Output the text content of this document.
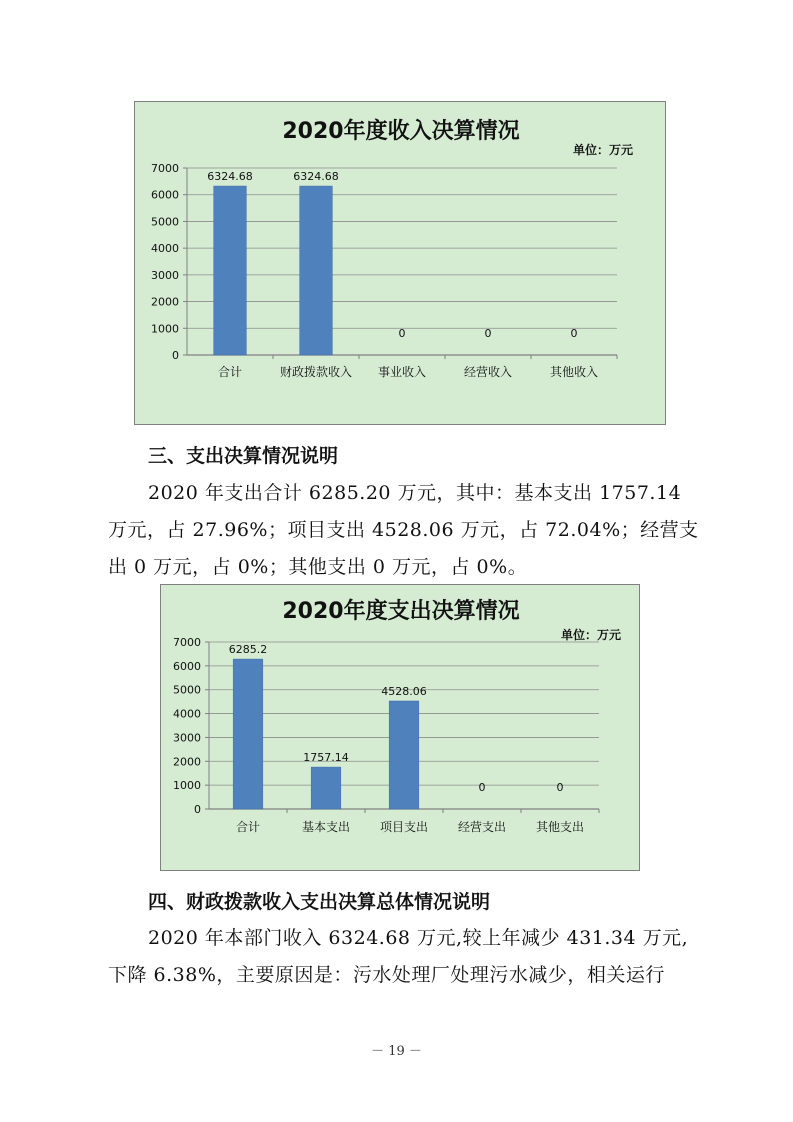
2020年度收入决算情况
单位：万元
0
1000
2000
3000
4000
5000
6000
7000
6324.68
合计
6324.68
财政拨款收入
0
事业收入
0
经营收入
0
其他收入
三、支出决算情况说明
2020 年支出合计 6285.20 万元，其中：基本支出 1757.14
万元，占 27.96%；项目支出 4528.06 万元，占 72.04%；经营支
出 0 万元，占 0%；其他支出 0 万元，占 0%。
2020年度支出决算情况
单位：万元
0
1000
2000
3000
4000
5000
6000
7000
6285.2
合计
1757.14
基本支出
4528.06
项目支出
0
经营支出
0
其他支出
四、财政拨款收入支出决算总体情况说明
2020 年本部门收入 6324.68 万元,较上年减少 431.34 万元,
下降 6.38%，主要原因是：污水处理厂处理污水减少，相关运行
－ 19 －
